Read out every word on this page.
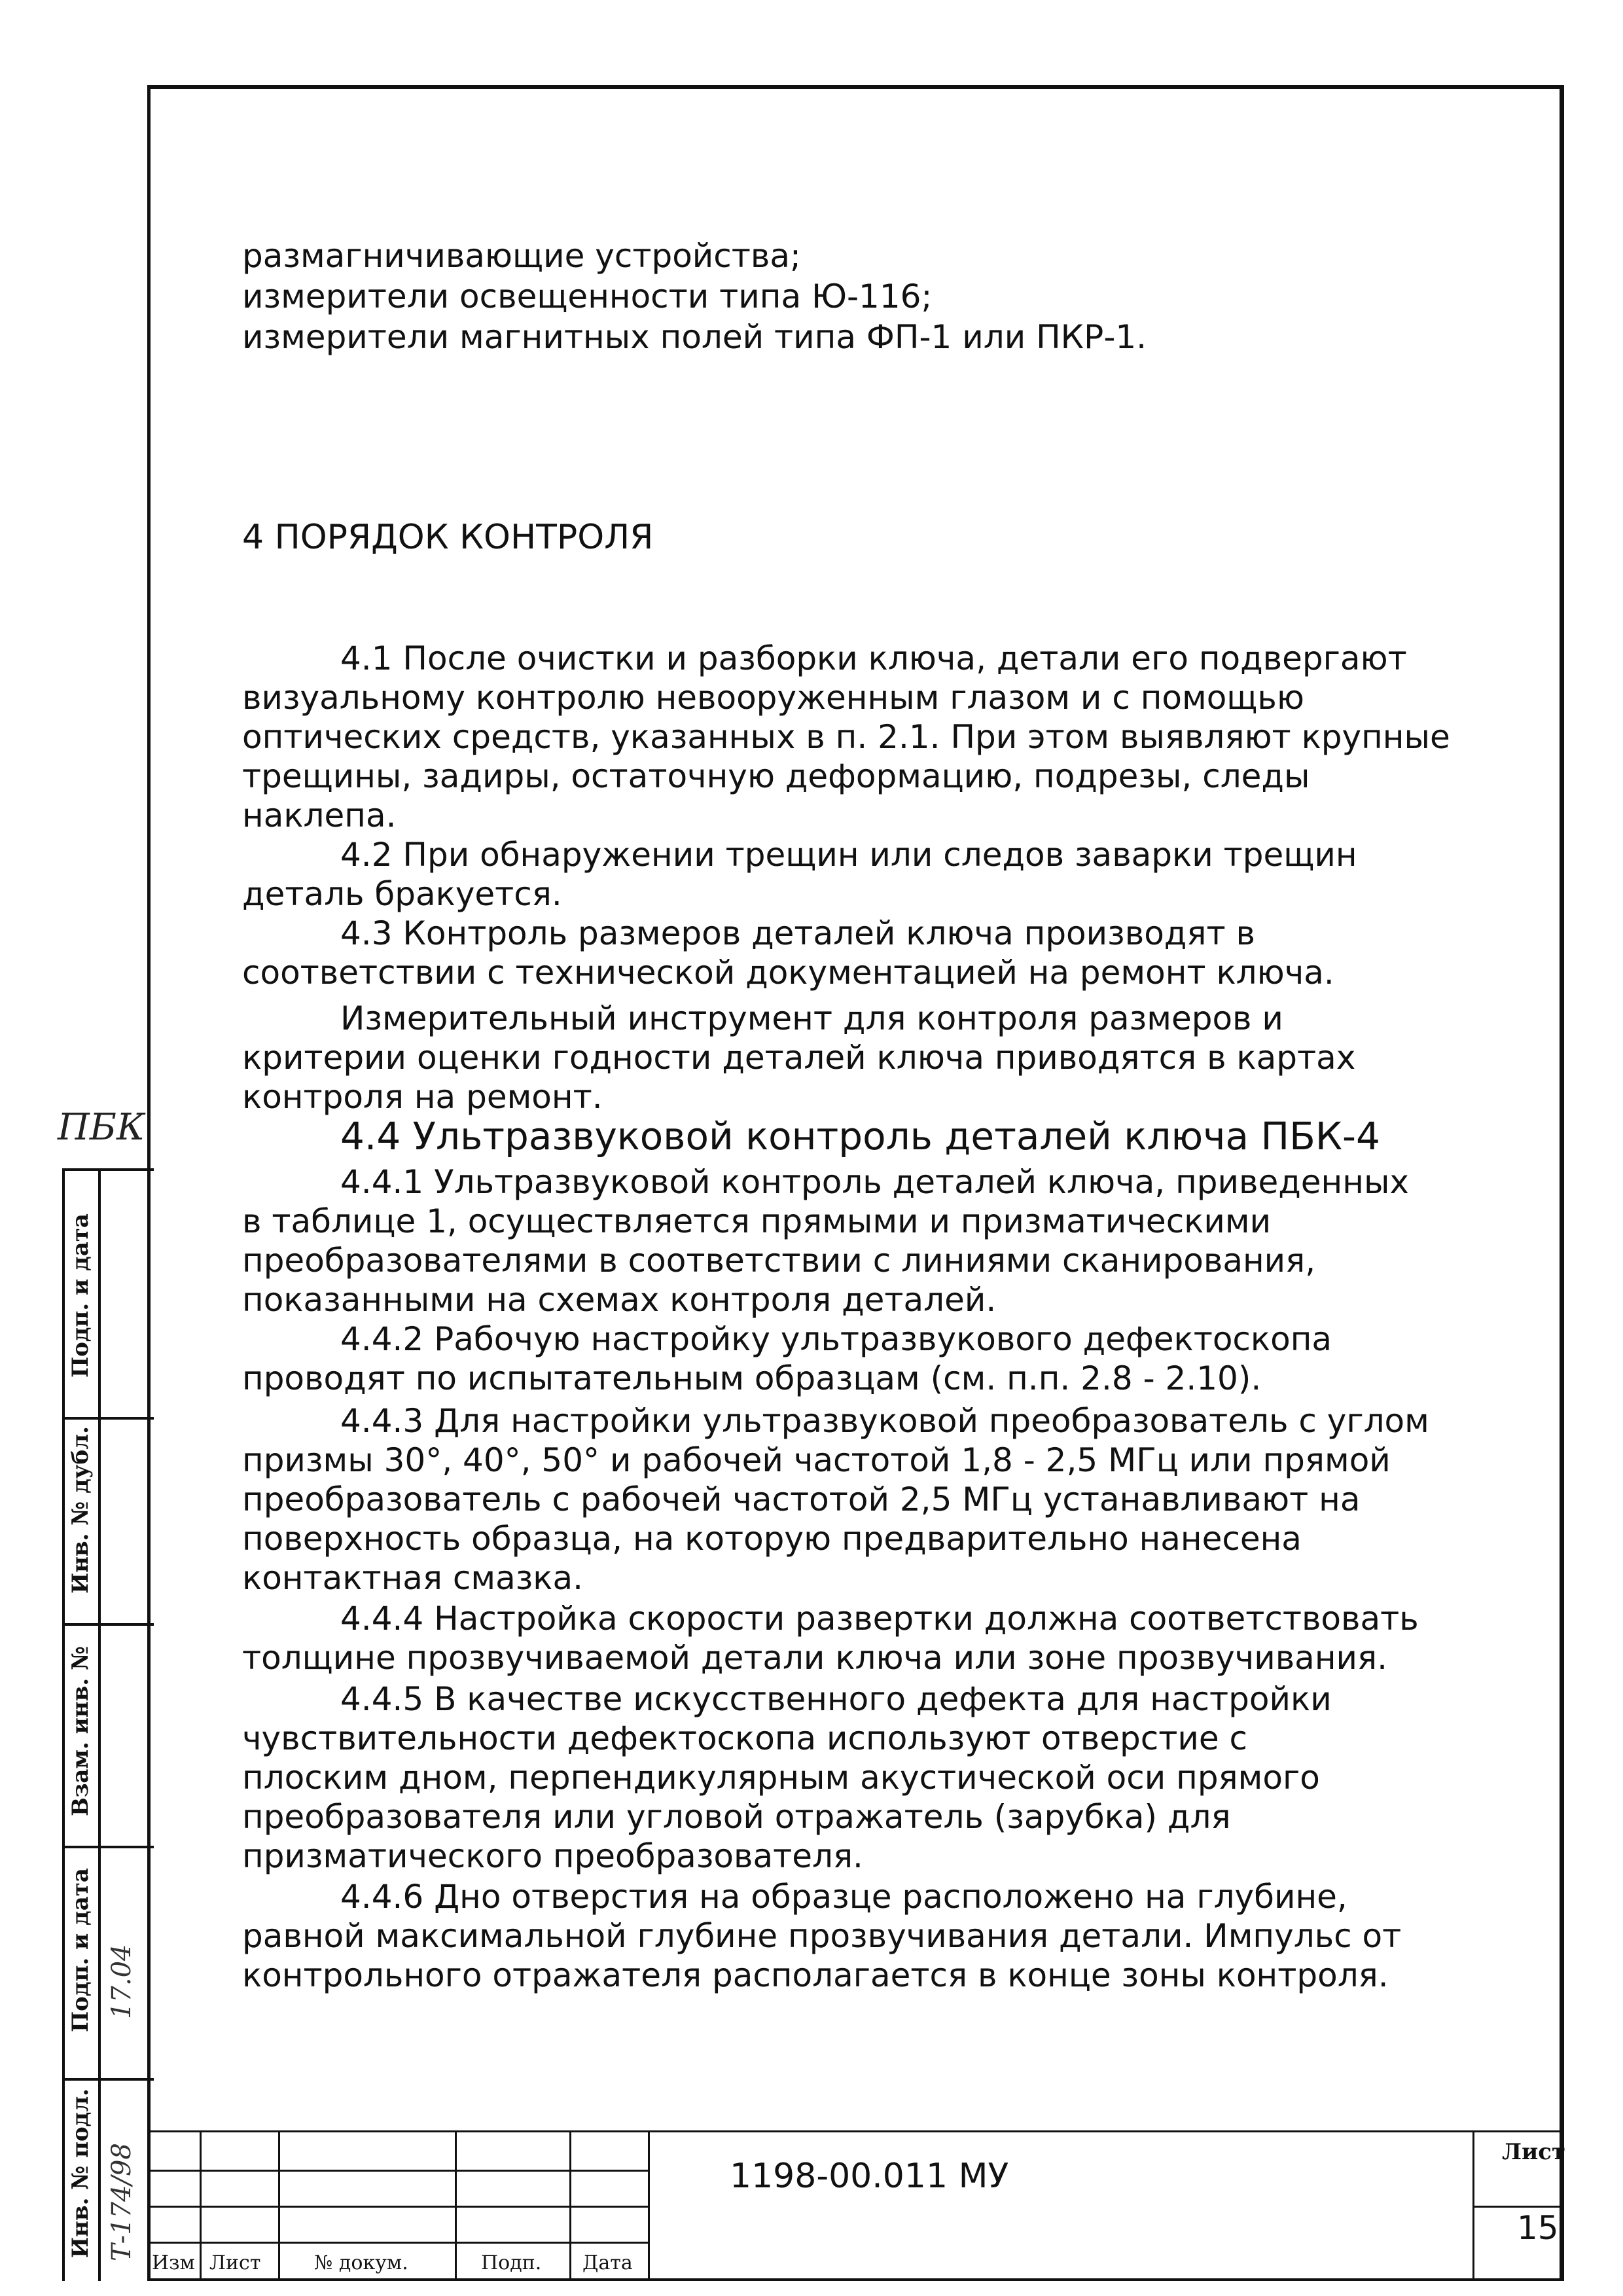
размагничивающие устройства;
измерители освещенности типа Ю-116;
измерители магнитных полей типа ФП-1 или ПКР-1.
4 ПОРЯДОК КОНТРОЛЯ
4.1 После очистки и разборки ключа, детали его подвергают
визуальному контролю невооруженным глазом и с помощью
оптических средств, указанных в п. 2.1. При этом выявляют крупные
трещины, задиры, остаточную деформацию, подрезы, следы
наклепа.
4.2 При обнаружении трещин или следов заварки трещин
деталь бракуется.
4.3 Контроль размеров деталей ключа производят в
соответствии с технической документацией на ремонт ключа.
Измерительный инструмент для контроля размеров и
критерии оценки годности деталей ключа приводятся в картах
контроля на ремонт.
4.4 Ультразвуковой контроль деталей ключа ПБК-4
4.4.1 Ультразвуковой контроль деталей ключа, приведенных
в таблице 1, осуществляется прямыми и призматическими
преобразователями в соответствии с линиями сканирования,
показанными на схемах контроля деталей.
4.4.2 Рабочую настройку ультразвукового дефектоскопа
проводят по испытательным образцам (см. п.п. 2.8 - 2.10).
4.4.3 Для настройки ультразвуковой преобразователь с углом
призмы 30°, 40°, 50° и рабочей частотой 1,8 - 2,5 МГц или прямой
преобразователь с рабочей частотой 2,5 МГц устанавливают на
поверхность образца, на которую предварительно нанесена
контактная смазка.
4.4.4 Настройка скорости развертки должна соответствовать
толщине прозвучиваемой детали ключа или зоне прозвучивания.
4.4.5 В качестве искусственного дефекта для настройки
чувствительности дефектоскопа используют отверстие с
плоским дном, перпендикулярным акустической оси прямого
преобразователя или угловой отражатель (зарубка) для
призматического преобразователя.
4.4.6 Дно отверстия на образце расположено на глубине,
равной максимальной глубине прозвучивания детали. Импульс от
контрольного отражателя располагается в конце зоны контроля.
ПБК
Инв. № подл.
Подп. и дата
Взам. инв. №
Инв. № дубл.
Подп. и дата
Т-174/98
17.04
Изм Лист	№ докум.	Подп. Дата
1198-00.011 МУ
Лист
15
